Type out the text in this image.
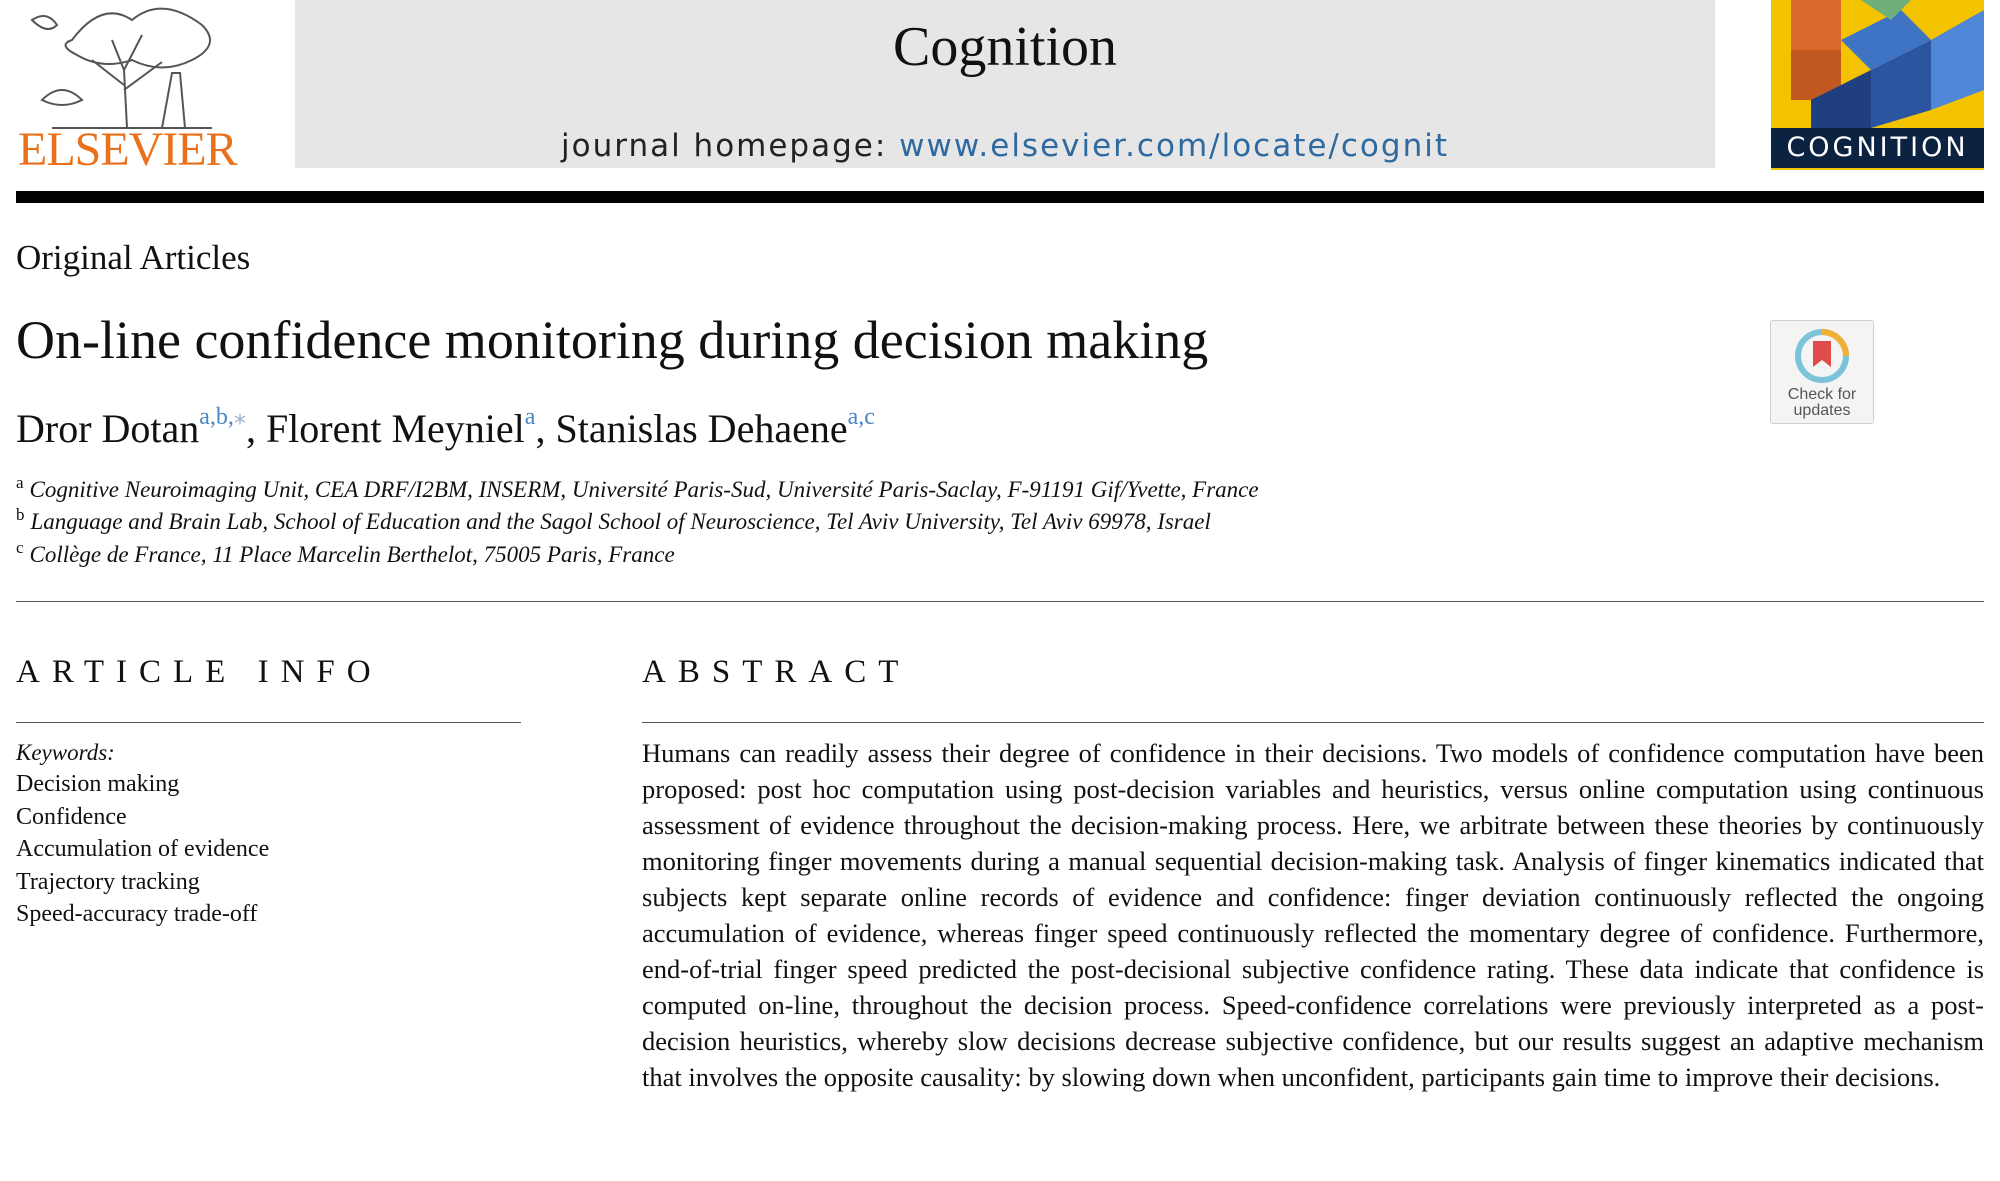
ELSEVIER
Cognition
journal homepage: www.elsevier.com/locate/cognit	COGNITION
Original Articles
On-line confidence monitoring during decision making
Check for
updates
Dror Dotan$^{a,b,⁎}$, Florent Meyniel$^a$, Stanislas Dehaene$^{a,c}$
$^a$ Cognitive Neuroimaging Unit, CEA DRF/I2BM, INSERM, Université Paris-Sud, Université Paris-Saclay, F-91191 Gif/Yvette, France
$^b$ Language and Brain Lab, School of Education and the Sagol School of Neuroscience, Tel Aviv University, Tel Aviv 69978, Israel
$^c$ Collège de France, 11 Place Marcelin Berthelot, 75005 Paris, France
ARTICLE INFO
Keywords:
Decision making
Confidence
Accumulation of evidence
Trajectory tracking
Speed-accuracy trade-off
ABSTRACT

Humans can readily assess their degree of confidence in their decisions. Two models of confidence computation have been proposed: post hoc computation using post-decision variables and heuristics, versus online computation using continuous assessment of evidence throughout the decision-making process. Here, we arbitrate between these theories by continuously monitoring finger movements during a manual sequential decision-making task. Analysis of finger kinematics indicated that subjects kept separate online records of evidence and confidence: finger deviation continuously reflected the ongoing accumulation of evidence, whereas finger speed continuously reflected the momentary degree of confidence. Furthermore, end-of-trial finger speed predicted the post-decisional subjective confidence rating. These data indicate that confidence is computed on-line, throughout the decision process. Speed-confidence correlations were previously interpreted as a post-decision heuristics, whereby slow decisions decrease subjective confidence, but our results suggest an adaptive mechanism that involves the opposite causality: by slowing down when unconfident, participants gain time to improve their decisions.
